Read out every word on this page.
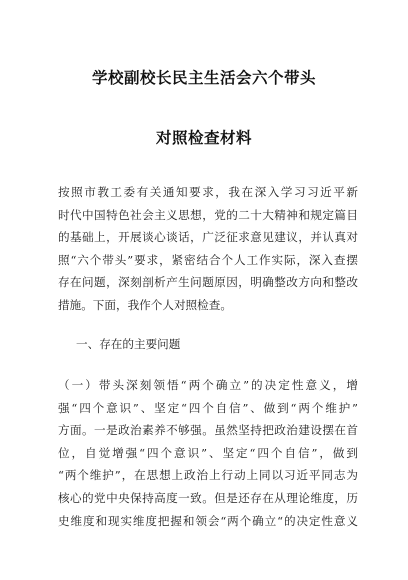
学校副校长民主生活会六个带头
对照检查材料
按照市教工委有关通知要求，我在深入学习习近平新
时代中国特色社会主义思想，党的二十大精神和规定篇目
的基础上，开展谈心谈话，广泛征求意见建议，并认真对
照“六个带头”要求，紧密结合个人工作实际，深入查摆
存在问题，深刻剖析产生问题原因，明确整改方向和整改
措施。下面，我作个人对照检查。
一、存在的主要问题
（一）带头深刻领悟“两个确立”的决定性意义，增
强“四个意识”、坚定“四个自信”、做到“两个维护”
方面。一是政治素养不够强。虽然坚持把政治建设摆在首
位，自觉增强“四个意识”、坚定“四个自信”，做到
“两个维护”，在思想上政治上行动上同以习近平同志为
核心的党中央保持高度一致。但是还存在从理论维度，历
史维度和现实维度把握和领会“两个确立“的决定性意义
